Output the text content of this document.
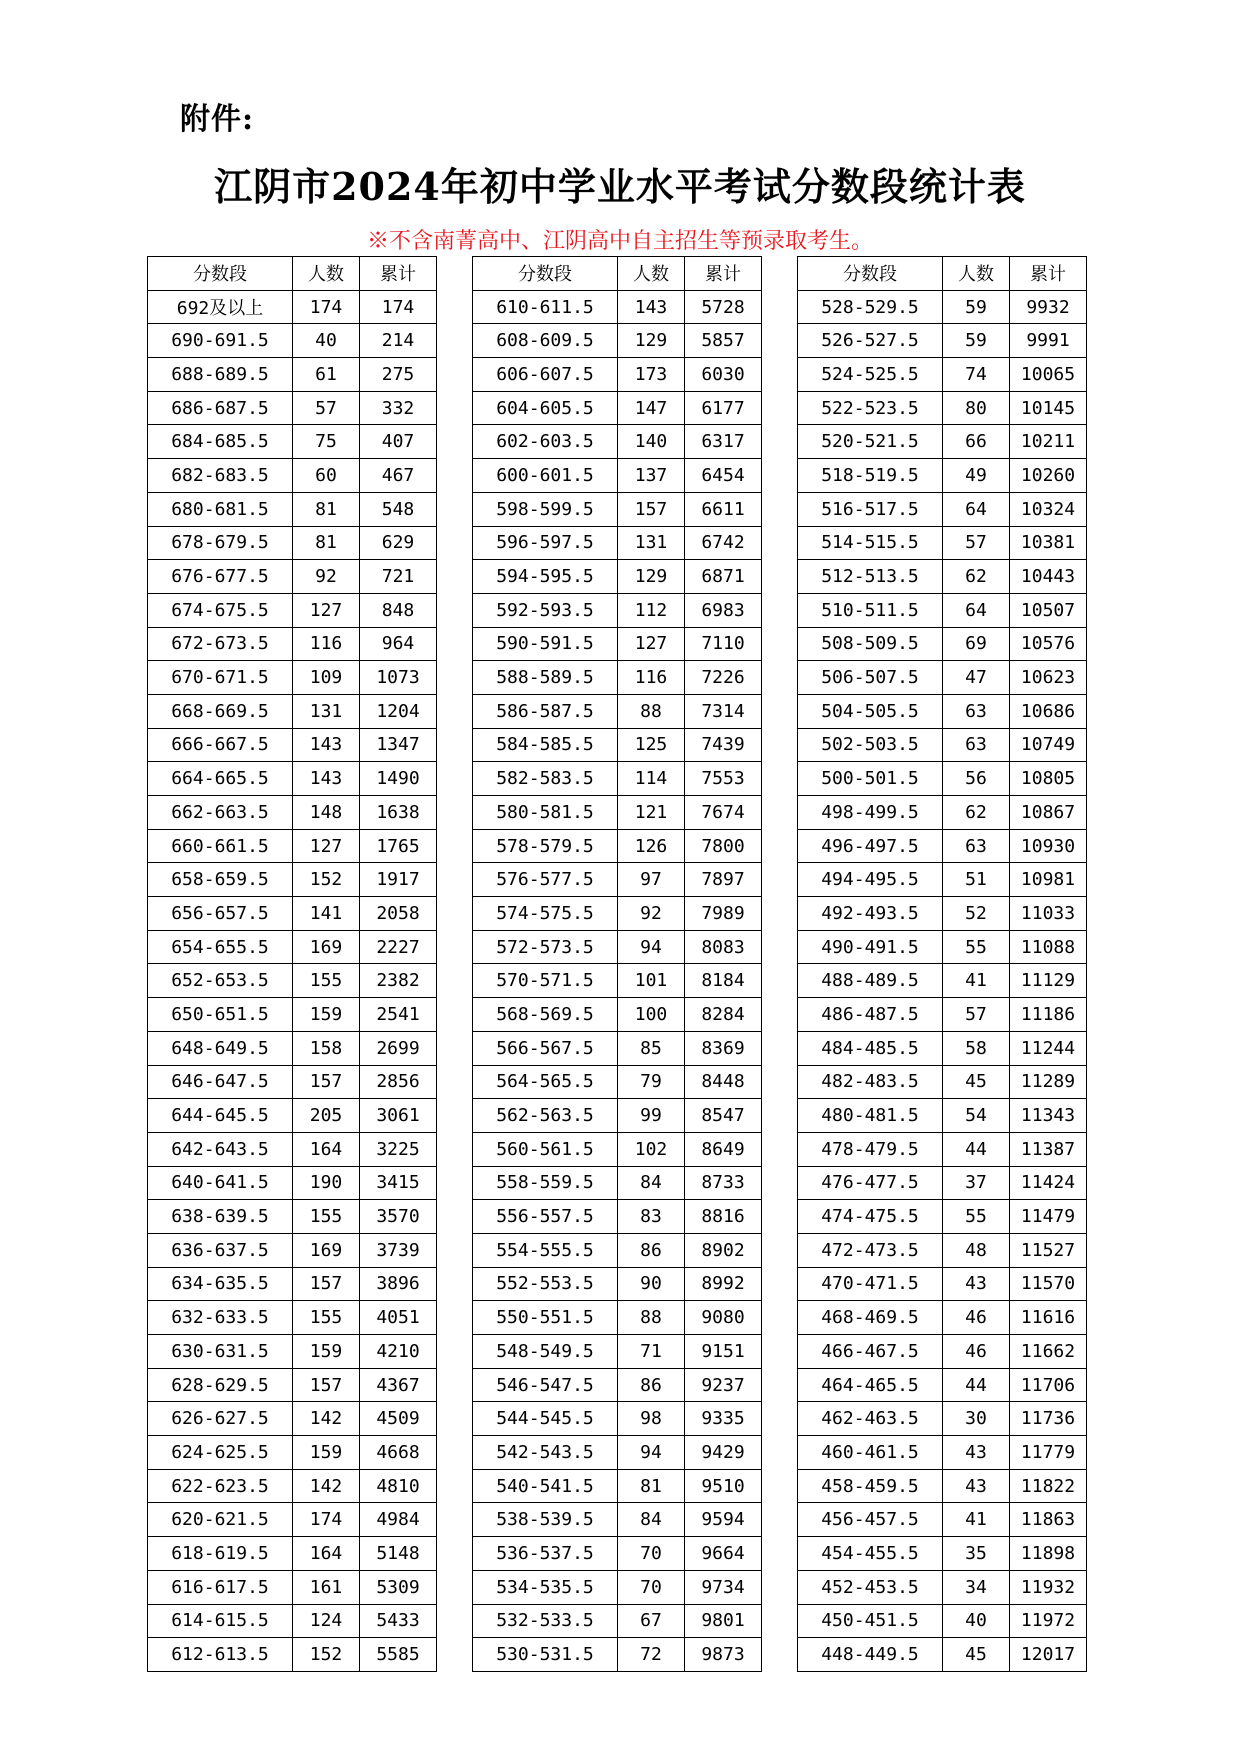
附件:
江阴市2024年初中学业水平考试分数段统计表
※不含南菁高中、江阴高中自主招生等预录取考生。
分数段	人数	累计
692及以上	174	174
690-691.5	40	214
688-689.5	61	275
686-687.5	57	332
684-685.5	75	407
682-683.5	60	467
680-681.5	81	548
678-679.5	81	629
676-677.5	92	721
674-675.5	127	848
672-673.5	116	964
670-671.5	109	1073
668-669.5	131	1204
666-667.5	143	1347
664-665.5	143	1490
662-663.5	148	1638
660-661.5	127	1765
658-659.5	152	1917
656-657.5	141	2058
654-655.5	169	2227
652-653.5	155	2382
650-651.5	159	2541
648-649.5	158	2699
646-647.5	157	2856
644-645.5	205	3061
642-643.5	164	3225
640-641.5	190	3415
638-639.5	155	3570
636-637.5	169	3739
634-635.5	157	3896
632-633.5	155	4051
630-631.5	159	4210
628-629.5	157	4367
626-627.5	142	4509
624-625.5	159	4668
622-623.5	142	4810
620-621.5	174	4984
618-619.5	164	5148
616-617.5	161	5309
614-615.5	124	5433
612-613.5	152	5585
分数段	人数	累计
610-611.5	143	5728
608-609.5	129	5857
606-607.5	173	6030
604-605.5	147	6177
602-603.5	140	6317
600-601.5	137	6454
598-599.5	157	6611
596-597.5	131	6742
594-595.5	129	6871
592-593.5	112	6983
590-591.5	127	7110
588-589.5	116	7226
586-587.5	88	7314
584-585.5	125	7439
582-583.5	114	7553
580-581.5	121	7674
578-579.5	126	7800
576-577.5	97	7897
574-575.5	92	7989
572-573.5	94	8083
570-571.5	101	8184
568-569.5	100	8284
566-567.5	85	8369
564-565.5	79	8448
562-563.5	99	8547
560-561.5	102	8649
558-559.5	84	8733
556-557.5	83	8816
554-555.5	86	8902
552-553.5	90	8992
550-551.5	88	9080
548-549.5	71	9151
546-547.5	86	9237
544-545.5	98	9335
542-543.5	94	9429
540-541.5	81	9510
538-539.5	84	9594
536-537.5	70	9664
534-535.5	70	9734
532-533.5	67	9801
530-531.5	72	9873
分数段	人数	累计
528-529.5	59	9932
526-527.5	59	9991
524-525.5	74	10065
522-523.5	80	10145
520-521.5	66	10211
518-519.5	49	10260
516-517.5	64	10324
514-515.5	57	10381
512-513.5	62	10443
510-511.5	64	10507
508-509.5	69	10576
506-507.5	47	10623
504-505.5	63	10686
502-503.5	63	10749
500-501.5	56	10805
498-499.5	62	10867
496-497.5	63	10930
494-495.5	51	10981
492-493.5	52	11033
490-491.5	55	11088
488-489.5	41	11129
486-487.5	57	11186
484-485.5	58	11244
482-483.5	45	11289
480-481.5	54	11343
478-479.5	44	11387
476-477.5	37	11424
474-475.5	55	11479
472-473.5	48	11527
470-471.5	43	11570
468-469.5	46	11616
466-467.5	46	11662
464-465.5	44	11706
462-463.5	30	11736
460-461.5	43	11779
458-459.5	43	11822
456-457.5	41	11863
454-455.5	35	11898
452-453.5	34	11932
450-451.5	40	11972
448-449.5	45	12017
